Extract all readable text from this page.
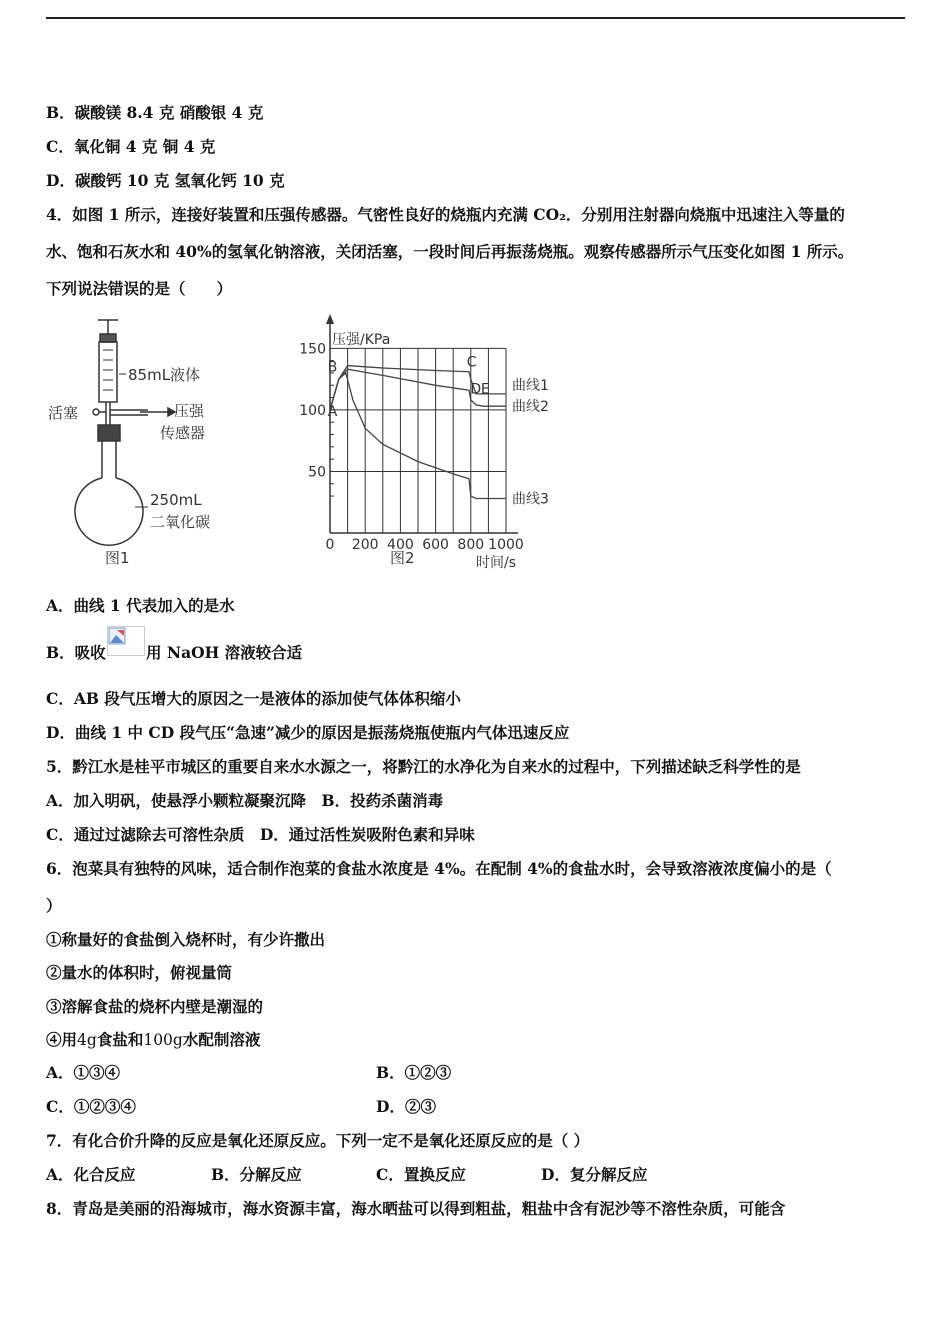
B．碳酸镁 8.4 克 硝酸银 4 克
C．氧化铜 4 克 铜 4 克
D．碳酸钙 10 克 氢氧化钙 10 克
4．如图 1 所示，连接好装置和压强传感器。气密性良好的烧瓶内充满 CO₂．分别用注射器向烧瓶中迅速注入等量的
水、饱和石灰水和 40%的氢氧化钠溶液，关闭活塞，一段时间后再振荡烧瓶。观察传感器所示气压变化如图 1 所示。
下列说法错误的是（　　）
85mL液体
活塞	压强
传感器
250mL
二氧化碳
图1
0 200 400 600 800 1000
50
100
150
压强/KPa
时间/s
曲线1
曲线2
曲线3
A
B	C
D E
图2
A．曲线 1 代表加入的是水
B．吸收	用 NaOH 溶液较合适
C．AB 段气压增大的原因之一是液体的添加使气体体积缩小
D．曲线 1 中 CD 段气压“急速”减少的原因是振荡烧瓶使瓶内气体迅速反应
5．黔江水是桂平市城区的重要自来水水源之一，将黔江的水净化为自来水的过程中，下列描述缺乏科学性的是
A．加入明矾，使悬浮小颗粒凝聚沉降　B．投药杀菌消毒
C．通过过滤除去可溶性杂质　D．通过活性炭吸附色素和异味
6．泡菜具有独特的风味，适合制作泡菜的食盐水浓度是 4%。在配制 4%的食盐水时，会导致溶液浓度偏小的是（
）
①称量好的食盐倒入烧杯时，有少许撒出
②量水的体积时，俯视量筒
③溶解食盐的烧杯内壁是潮湿的
④用4g食盐和100g水配制溶液
A．①③④	B．①②③
C．①②③④	D．②③
7．有化合价升降的反应是氧化还原反应。下列一定不是氧化还原反应的是（ ）
A．化合反应	B．分解反应	C．置换反应	D．复分解反应
8．青岛是美丽的沿海城市，海水资源丰富，海水晒盐可以得到粗盐，粗盐中含有泥沙等不溶性杂质，可能含
